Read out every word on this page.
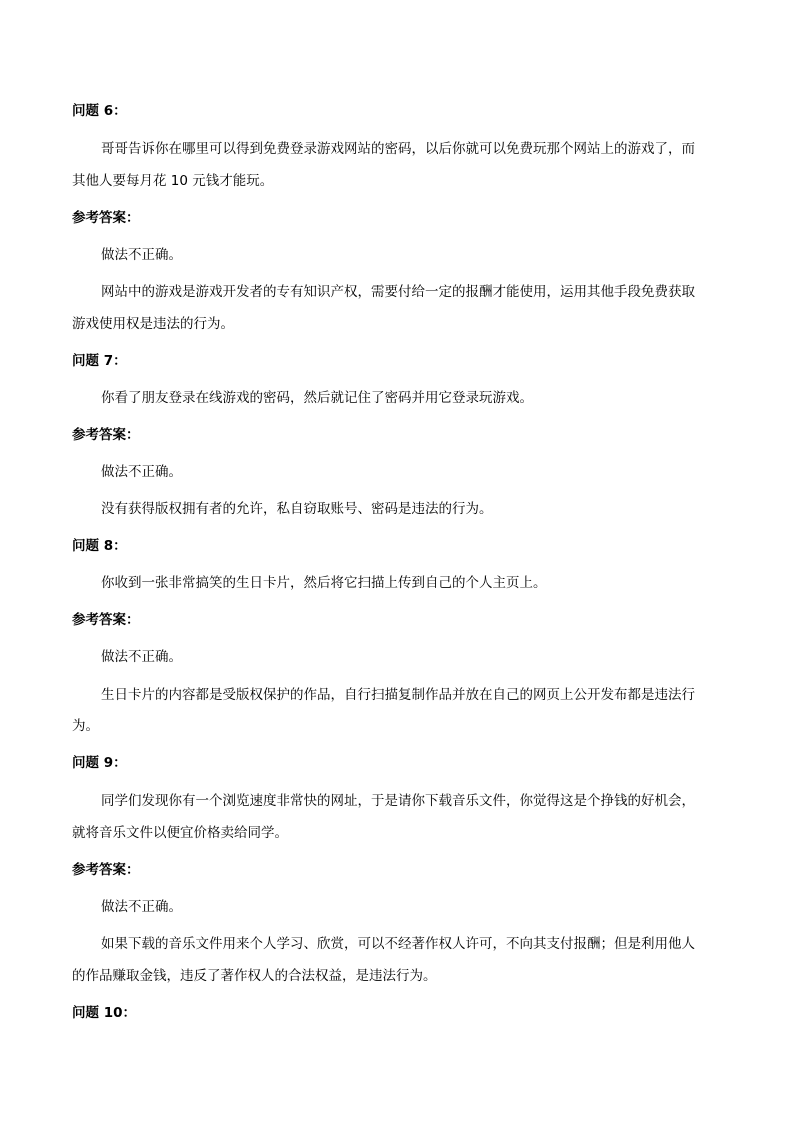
问题 6：
哥哥告诉你在哪里可以得到免费登录游戏网站的密码，以后你就可以免费玩那个网站上的游戏了，而
其他人要每月花 10 元钱才能玩。
参考答案：
做法不正确。
网站中的游戏是游戏开发者的专有知识产权，需要付给一定的报酬才能使用，运用其他手段免费获取
游戏使用权是违法的行为。
问题 7：
你看了朋友登录在线游戏的密码，然后就记住了密码并用它登录玩游戏。
参考答案：
做法不正确。
没有获得版权拥有者的允许，私自窃取账号、密码是违法的行为。
问题 8：
你收到一张非常搞笑的生日卡片，然后将它扫描上传到自己的个人主页上。
参考答案：
做法不正确。
生日卡片的内容都是受版权保护的作品，自行扫描复制作品并放在自己的网页上公开发布都是违法行
为。
问题 9：
同学们发现你有一个浏览速度非常快的网址，于是请你下载音乐文件，你觉得这是个挣钱的好机会，
就将音乐文件以便宜价格卖给同学。
参考答案：
做法不正确。
如果下载的音乐文件用来个人学习、欣赏，可以不经著作权人许可，不向其支付报酬；但是利用他人
的作品赚取金钱，违反了著作权人的合法权益，是违法行为。
问题 10：
